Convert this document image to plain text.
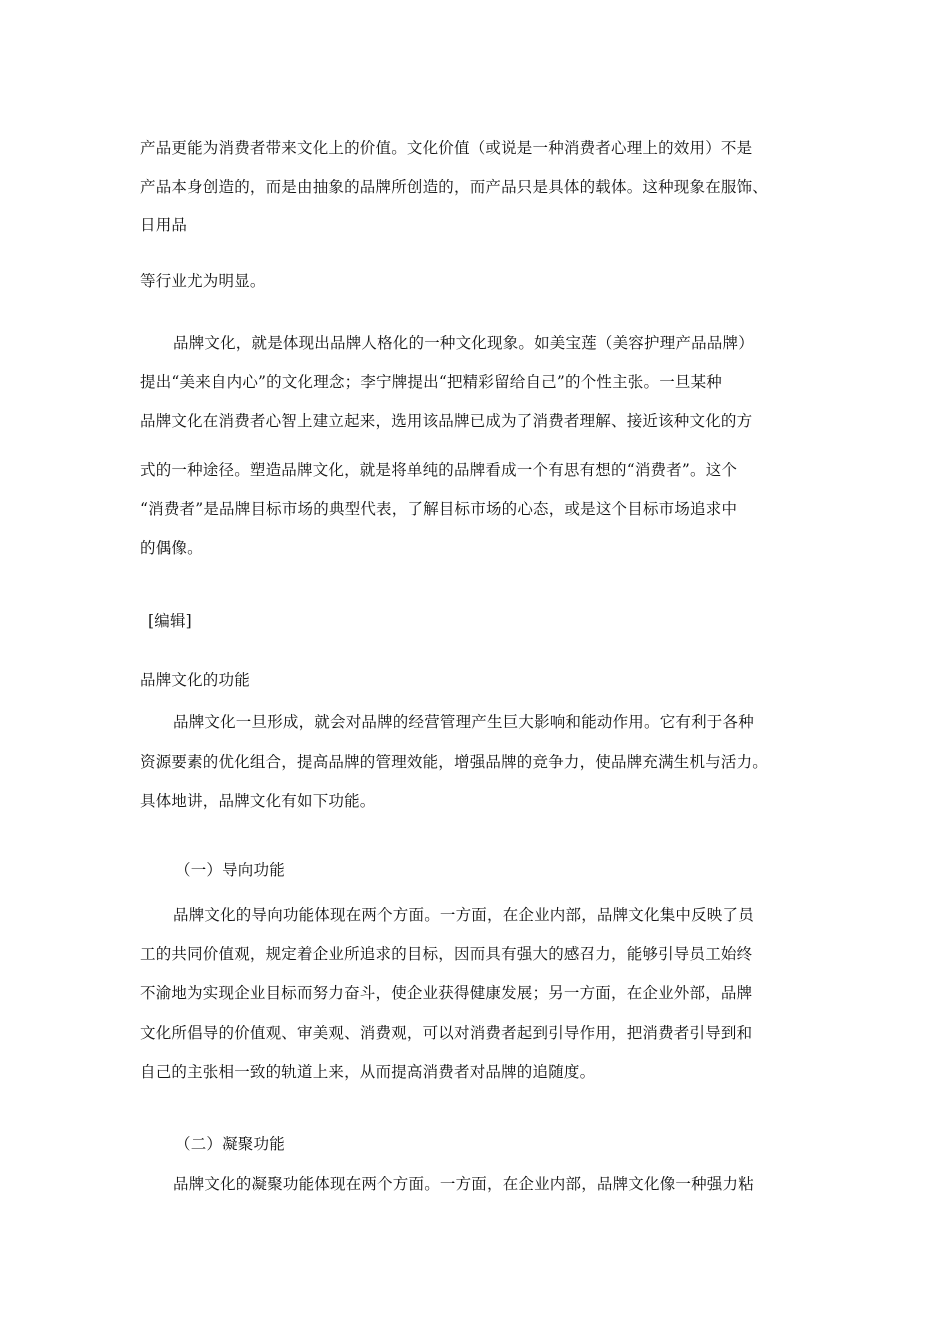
产品更能为消费者带来文化上的价值。文化价值（或说是一种消费者心理上的效用）不是
产品本身创造的，而是由抽象的品牌所创造的，而产品只是具体的载体。这种现象在服饰、
日用品
等行业尤为明显。
品牌文化，就是体现出品牌人格化的一种文化现象。如美宝莲（美容护理产品品牌）
提出“美来自内心”的文化理念；李宁牌提出“把精彩留给自己”的个性主张。一旦某种
品牌文化在消费者心智上建立起来，选用该品牌已成为了消费者理解、接近该种文化的方
式的一种途径。塑造品牌文化，就是将单纯的品牌看成一个有思有想的“消费者”。这个
“消费者”是品牌目标市场的典型代表，了解目标市场的心态，或是这个目标市场追求中
的偶像。
[编辑]
品牌文化的功能
品牌文化一旦形成，就会对品牌的经营管理产生巨大影响和能动作用。它有利于各种
资源要素的优化组合，提高品牌的管理效能，增强品牌的竞争力，使品牌充满生机与活力。
具体地讲，品牌文化有如下功能。
（一）导向功能
品牌文化的导向功能体现在两个方面。一方面，在企业内部，品牌文化集中反映了员
工的共同价值观，规定着企业所追求的目标，因而具有强大的感召力，能够引导员工始终
不渝地为实现企业目标而努力奋斗，使企业获得健康发展；另一方面，在企业外部，品牌
文化所倡导的价值观、审美观、消费观，可以对消费者起到引导作用，把消费者引导到和
自己的主张相一致的轨道上来，从而提高消费者对品牌的追随度。
（二）凝聚功能
品牌文化的凝聚功能体现在两个方面。一方面，在企业内部，品牌文化像一种强力粘
